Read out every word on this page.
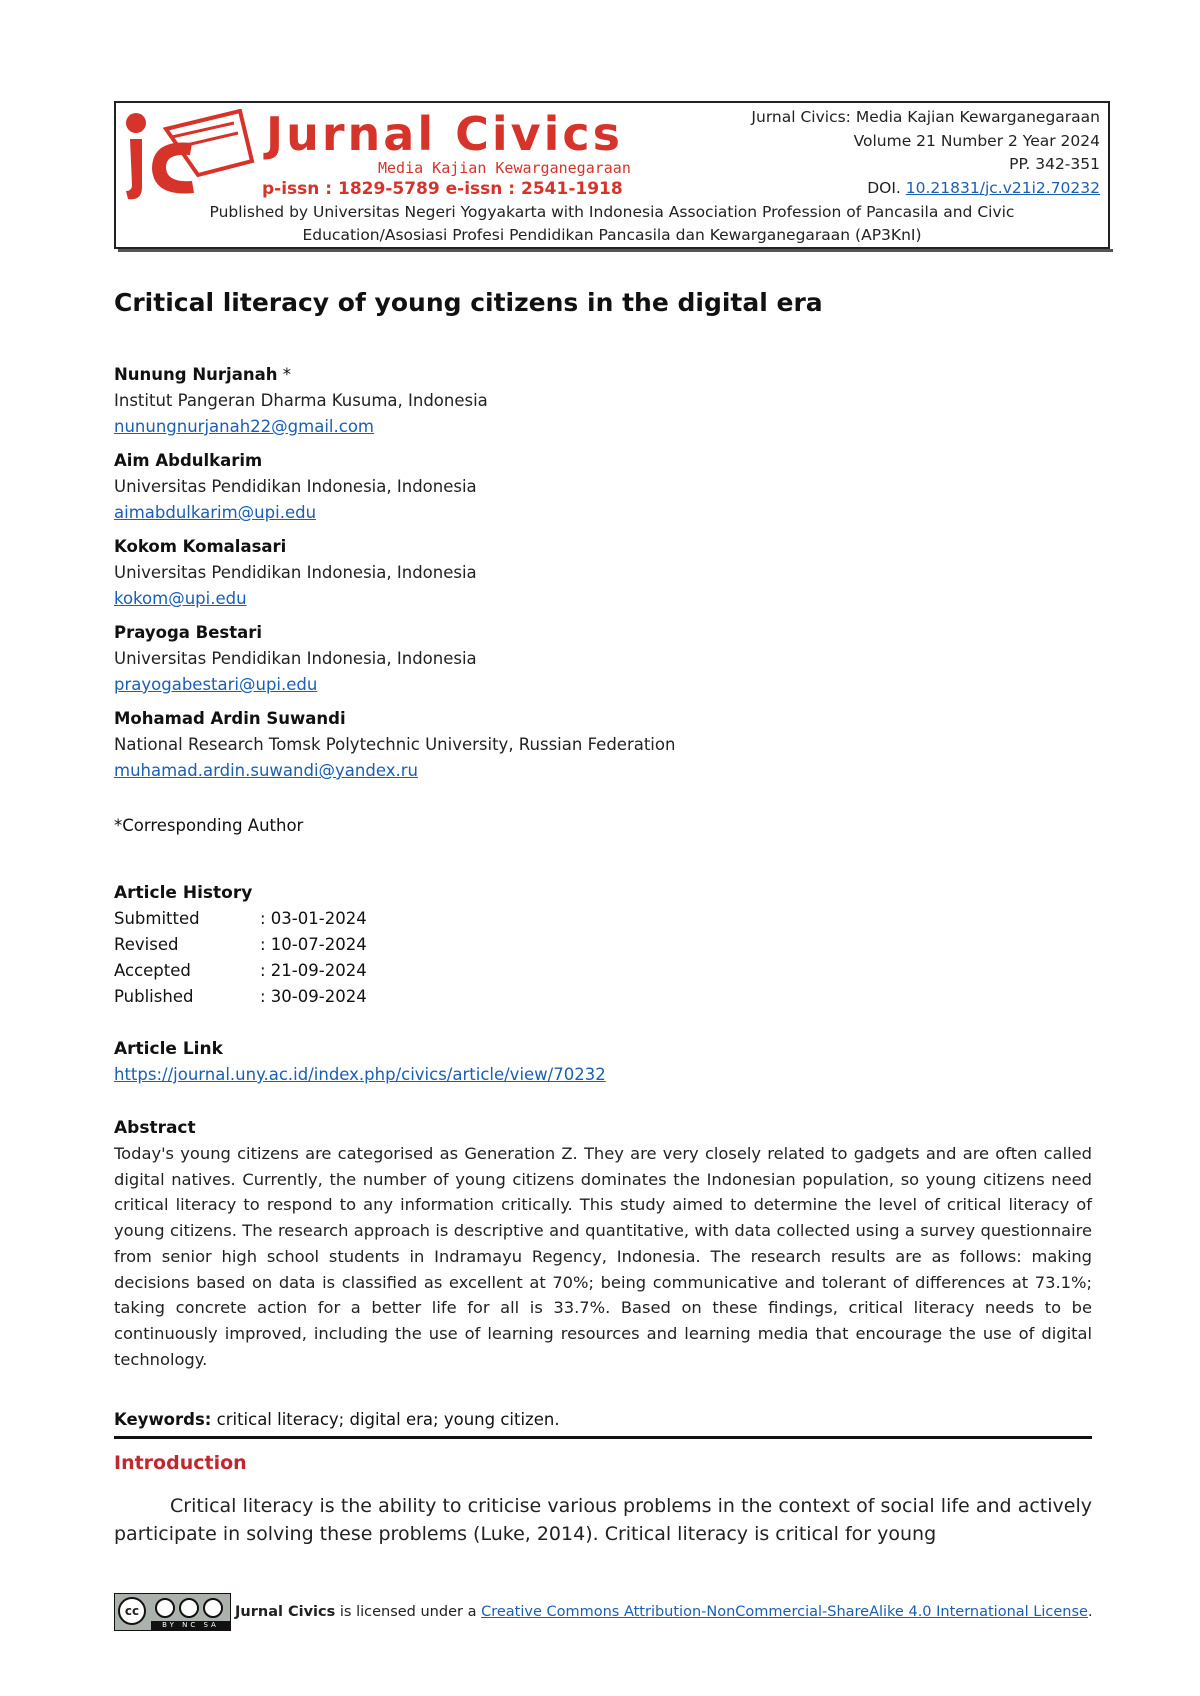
Jurnal Civics
Media Kajian Kewarganegaraan
p-issn : 1829-5789 e-issn : 2541-1918
Jurnal Civics: Media Kajian Kewarganegaraan
Volume 21 Number 2 Year 2024
PP. 342-351
DOI. 10.21831/jc.v21i2.70232
Published by Universitas Negeri Yogyakarta with Indonesia Association Profession of Pancasila and Civic
Education/Asosiasi Profesi Pendidikan Pancasila dan Kewarganegaraan (AP3KnI)
Critical literacy of young citizens in the digital era
Nunung Nurjanah *
Institut Pangeran Dharma Kusuma, Indonesia
nunungnurjanah22@gmail.com
Aim Abdulkarim
Universitas Pendidikan Indonesia, Indonesia
aimabdulkarim@upi.edu
Kokom Komalasari
Universitas Pendidikan Indonesia, Indonesia
kokom@upi.edu
Prayoga Bestari
Universitas Pendidikan Indonesia, Indonesia
prayogabestari@upi.edu
Mohamad Ardin Suwandi
National Research Tomsk Polytechnic University, Russian Federation
muhamad.ardin.suwandi@yandex.ru
*Corresponding Author
Article History
Submitted	: 03-01-2024
Revised	: 10-07-2024
Accepted	: 21-09-2024
Published	: 30-09-2024
Article Link
https://journal.uny.ac.id/index.php/civics/article/view/70232
Abstract

Today's young citizens are categorised as Generation Z. They are very closely related to gadgets and are often called digital natives. Currently, the number of young citizens dominates the Indonesian population, so young citizens need critical literacy to respond to any information critically. This study aimed to determine the level of critical literacy of young citizens. The research approach is descriptive and quantitative, with data collected using a survey questionnaire from senior high school students in Indramayu Regency, Indonesia. The research results are as follows: making decisions based on data is classified as excellent at 70%; being communicative and tolerant of differences at 73.1%; taking concrete action for a better life for all is 33.7%. Based on these findings, critical literacy needs to be continuously improved, including the use of learning resources and learning media that encourage the use of digital technology.

Keywords: critical literacy; digital era; young citizen.
Introduction

Critical literacy is the ability to criticise various problems in the context of social life and actively participate in solving these problems (Luke, 2014). Critical literacy is critical for young

cc
BY NC SA
Jurnal Civics is licensed under a Creative Commons Attribution-NonCommercial-ShareAlike 4.0 International License.
